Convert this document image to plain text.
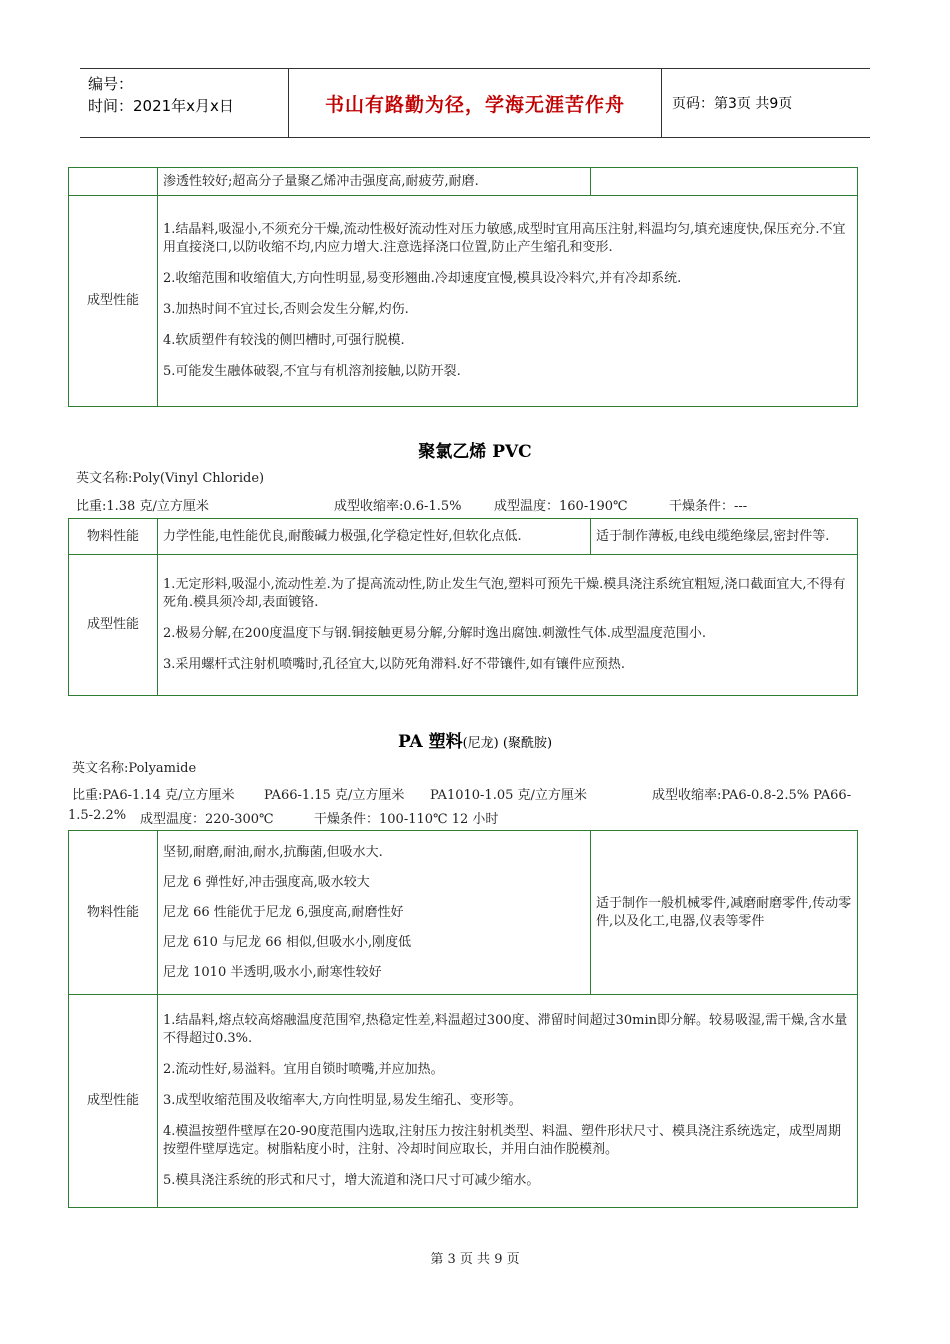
编号：
时间：2021年x月x日	书山有路勤为径，学海无涯苦作舟	页码：第3页 共9页
	渗透性较好;超高分子量聚乙烯冲击强度高,耐疲劳,耐磨.	
成型性能	1.结晶料,吸湿小,不须充分干燥,流动性极好流动性对压力敏感,成型时宜用高压注射,料温均匀,填充速度快,保压充分.不宜用直接浇口,以防收缩不均,内应力增大.注意选择浇口位置,防止产生缩孔和变形.
2.收缩范围和收缩值大,方向性明显,易变形翘曲.冷却速度宜慢,模具设冷料穴,并有冷却系统.
3.加热时间不宜过长,否则会发生分解,灼伤.
4.软质塑件有较浅的侧凹槽时,可强行脱模.
5.可能发生融体破裂,不宜与有机溶剂接触,以防开裂.	
聚氯乙烯 PVC
英文名称:Poly(Vinyl Chloride)
比重:1.38 克/立方厘米	成型收缩率:0.6-1.5%	成型温度：160-190℃	干燥条件：---
物料性能	力学性能,电性能优良,耐酸碱力极强,化学稳定性好,但软化点低.	适于制作薄板,电线电缆绝缘层,密封件等.
成型性能	1.无定形料,吸湿小,流动性差.为了提高流动性,防止发生气泡,塑料可预先干燥.模具浇注系统宜粗短,浇口截面宜大,不得有死角.模具须冷却,表面镀铬.
2.极易分解,在200度温度下与钢.铜接触更易分解,分解时逸出腐蚀.刺激性气体.成型温度范围小.
3.采用螺杆式注射机喷嘴时,孔径宜大,以防死角滞料.好不带镶件,如有镶件应预热.	
PA 塑料(尼龙) (聚酰胺)
英文名称:Polyamide
比重:PA6-1.14 克/立方厘米 PA66-1.15 克/立方厘米 PA1010-1.05 克/立方厘米	成型收缩率:PA6-0.8-2.5% PA66-
1.5-2.2% 成型温度：220-300℃	干燥条件：100-110℃ 12 小时
物料性能	坚韧,耐磨,耐油,耐水,抗酶菌,但吸水大.
尼龙 6 弹性好,冲击强度高,吸水较大
尼龙 66 性能优于尼龙 6,强度高,耐磨性好
尼龙 610 与尼龙 66 相似,但吸水小,刚度低
尼龙 1010 半透明,吸水小,耐寒性较好	适于制作一般机械零件,减磨耐磨零件,传动零件,以及化工,电器,仪表等零件
成型性能	1.结晶料,熔点较高熔融温度范围窄,热稳定性差,料温超过300度、滞留时间超过30min即分解。较易吸湿,需干燥,含水量不得超过0.3%.
2.流动性好,易溢料。宜用自锁时喷嘴,并应加热。
3.成型收缩范围及收缩率大,方向性明显,易发生缩孔、变形等。
4.模温按塑件壁厚在20-90度范围内选取,注射压力按注射机类型、料温、塑件形状尺寸、模具浇注系统选定，成型周期按塑件壁厚选定。树脂粘度小时，注射、冷却时间应取长，并用白油作脱模剂。
5.模具浇注系统的形式和尺寸，增大流道和浇口尺寸可减少缩水。	
第 3 页 共 9 页
